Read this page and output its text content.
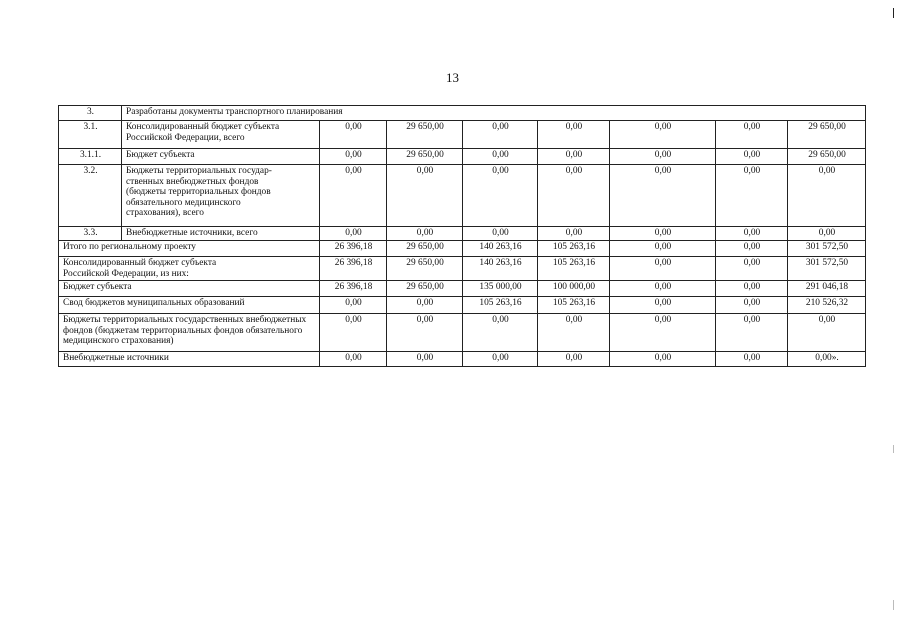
13
3.	Разработаны документы транспортного планирования							
3.1.	Консолидированный бюджет субъекта Российской Федерации, всего	0,00	29 650,00	0,00	0,00	0,00	0,00	29 650,00
3.1.1.	Бюджет субъекта	0,00	29 650,00	0,00	0,00	0,00	0,00	29 650,00
3.2.	Бюджеты территориальных государ-ственных внебюджетных фондов (бюджеты территориальных фондов обязательного медицинского страхования), всего	0,00	0,00	0,00	0,00	0,00	0,00	0,00
3.3.	Внебюджетные источники, всего	0,00	0,00	0,00	0,00	0,00	0,00	0,00
Итого по региональному проекту		26 396,18	29 650,00	140 263,16	105 263,16	0,00	0,00	301 572,50
Консолидированный бюджет субъекта Российской Федерации, из них:		26 396,18	29 650,00	140 263,16	105 263,16	0,00	0,00	301 572,50
Бюджет субъекта		26 396,18	29 650,00	135 000,00	100 000,00	0,00	0,00	291 046,18
Свод бюджетов муниципальных образований		0,00	0,00	105 263,16	105 263,16	0,00	0,00	210 526,32
Бюджеты территориальных государственных внебюджетных фондов (бюджетам территориальных фондов обязательного медицинского страхования)		0,00	0,00	0,00	0,00	0,00	0,00	0,00
Внебюджетные источники		0,00	0,00	0,00	0,00	0,00	0,00	0,00».
